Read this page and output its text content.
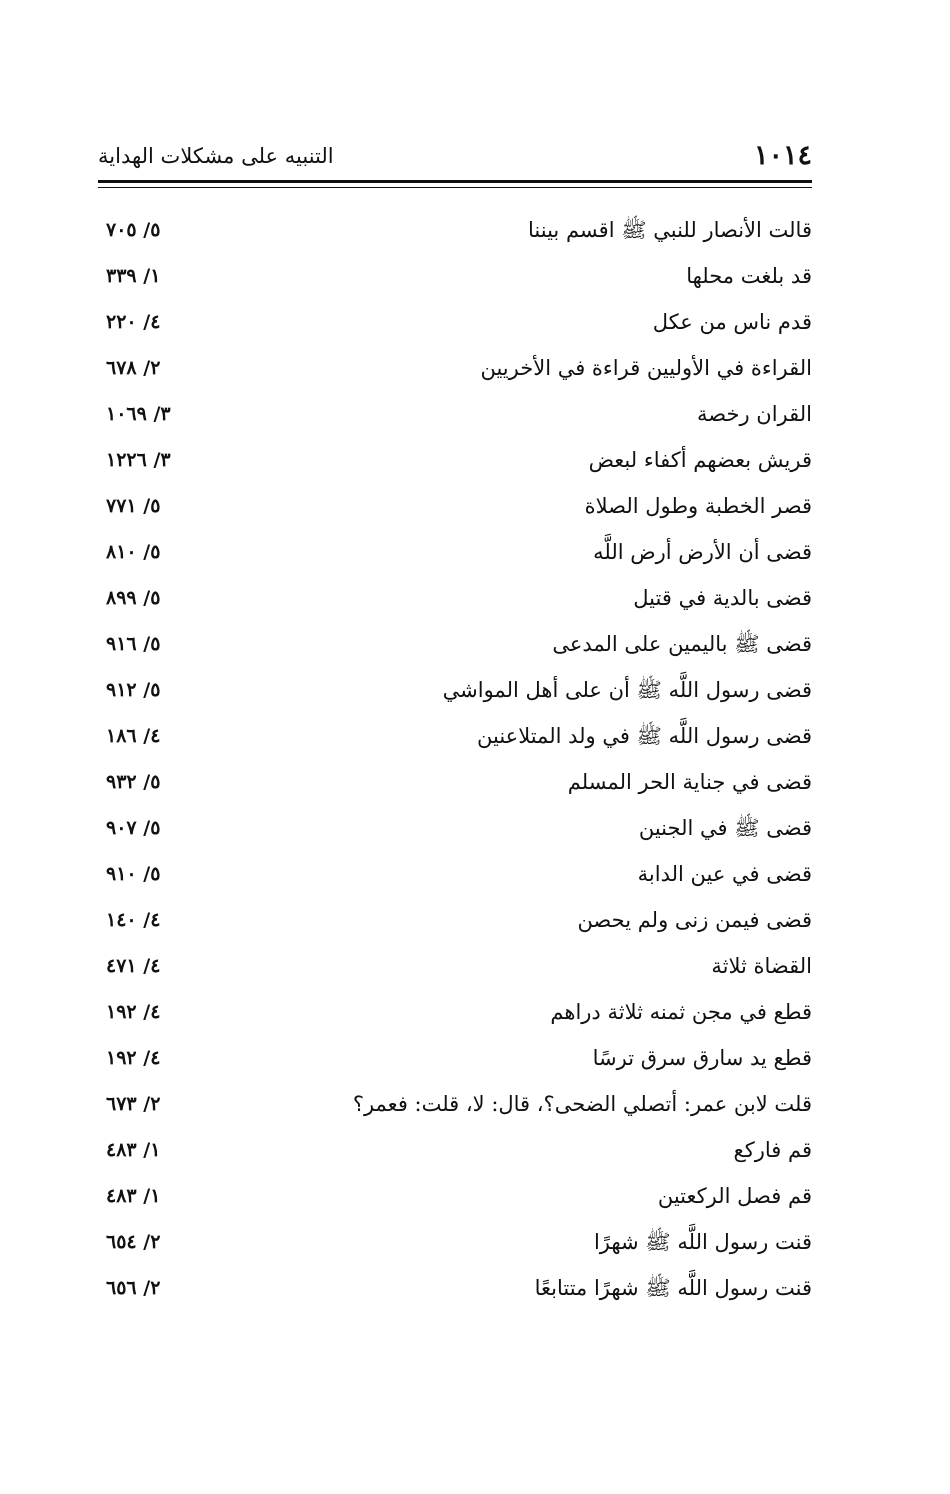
١٠١٤
التنبيه على مشكلات الهداية
قالت الأنصار للنبي ﷺ اقسم بيننا
٥/ ٧٠٥
قد بلغت محلها
١/ ٣٣٩
قدم ناس من عكل
٤/ ٢٢٠
القراءة في الأوليين قراءة في الأخريين
٢/ ٦٧٨
القران رخصة
٣/ ١٠٦٩
قريش بعضهم أكفاء لبعض
٣/ ١٢٢٦
قصر الخطبة وطول الصلاة
٥/ ٧٧١
قضى أن الأرض أرض اللَّه
٥/ ٨١٠
قضى بالدية في قتيل
٥/ ٨٩٩
قضى ﷺ باليمين على المدعى
٥/ ٩١٦
قضى رسول اللَّه ﷺ أن على أهل المواشي
٥/ ٩١٢
قضى رسول اللَّه ﷺ في ولد المتلاعنين
٤/ ١٨٦
قضى في جناية الحر المسلم
٥/ ٩٣٢
قضى ﷺ في الجنين
٥/ ٩٠٧
قضى في عين الدابة
٥/ ٩١٠
قضى فيمن زنى ولم يحصن
٤/ ١٤٠
القضاة ثلاثة
٤/ ٤٧١
قطع في مجن ثمنه ثلاثة دراهم
٤/ ١٩٢
قطع يد سارق سرق ترسًا
٤/ ١٩٢
قلت لابن عمر: أتصلي الضحى؟، قال: لا، قلت: فعمر؟
٢/ ٦٧٣
قم فاركع
١/ ٤٨٣
قم فصل الركعتين
١/ ٤٨٣
قنت رسول اللَّه ﷺ شهرًا
٢/ ٦٥٤
قنت رسول اللَّه ﷺ شهرًا متتابعًا
٢/ ٦٥٦
